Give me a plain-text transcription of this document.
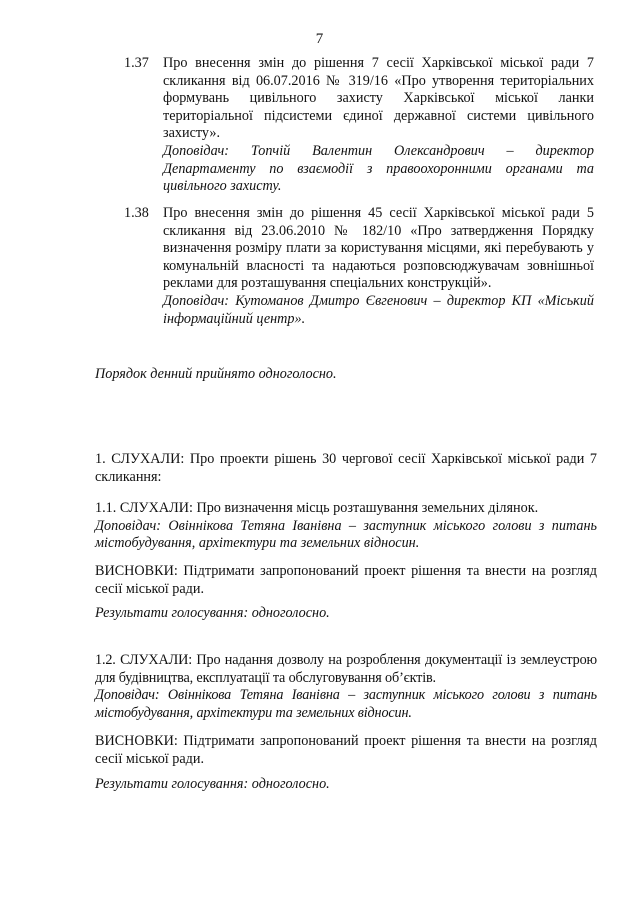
7
1.37 Про внесення змін до рішення 7 сесії Харківської міської ради 7 скликання від 06.07.2016 № 319/16 «Про утворення територіальних формувань цивільного захисту Харківської міської ланки територіальної підсистеми єдиної державної системи цивільного захисту».

Доповідач: Топчій Валентин Олександрович – директор Департаменту по взаємодії з правоохоронними органами та цивільного захисту.

1.38 Про внесення змін до рішення 45 сесії Харківської міської ради 5 скликання від 23.06.2010 № 182/10 «Про затвердження Порядку визначення розміру плати за користування місцями, які перебувають у комунальній власності та надаються розповсюджувачам зовнішньої реклами для розташування спеціальних конструкцій».

Доповідач: Кутоманов Дмитро Євгенович – директор КП «Міський інформаційний центр».

Порядок денний прийнято одноголосно.
1. СЛУХАЛИ: Про проекти рішень 30 чергової сесії Харківської міської ради 7 скликання:

1.1. СЛУХАЛИ: Про визначення місць розташування земельних ділянок.

Доповідач: Овіннікова Тетяна Іванівна – заступник міського голови з питань містобудування, архітектури та земельних відносин.

ВИСНОВКИ: Підтримати запропонований проект рішення та внести на розгляд сесії міської ради.
Результати голосування: одноголосно.

1.2. СЛУХАЛИ: Про надання дозволу на розроблення документації із землеустрою для будівництва, експлуатації та обслуговування об’єктів.

Доповідач: Овіннікова Тетяна Іванівна – заступник міського голови з питань містобудування, архітектури та земельних відносин.

ВИСНОВКИ: Підтримати запропонований проект рішення та внести на розгляд сесії міської ради.
Результати голосування: одноголосно.
